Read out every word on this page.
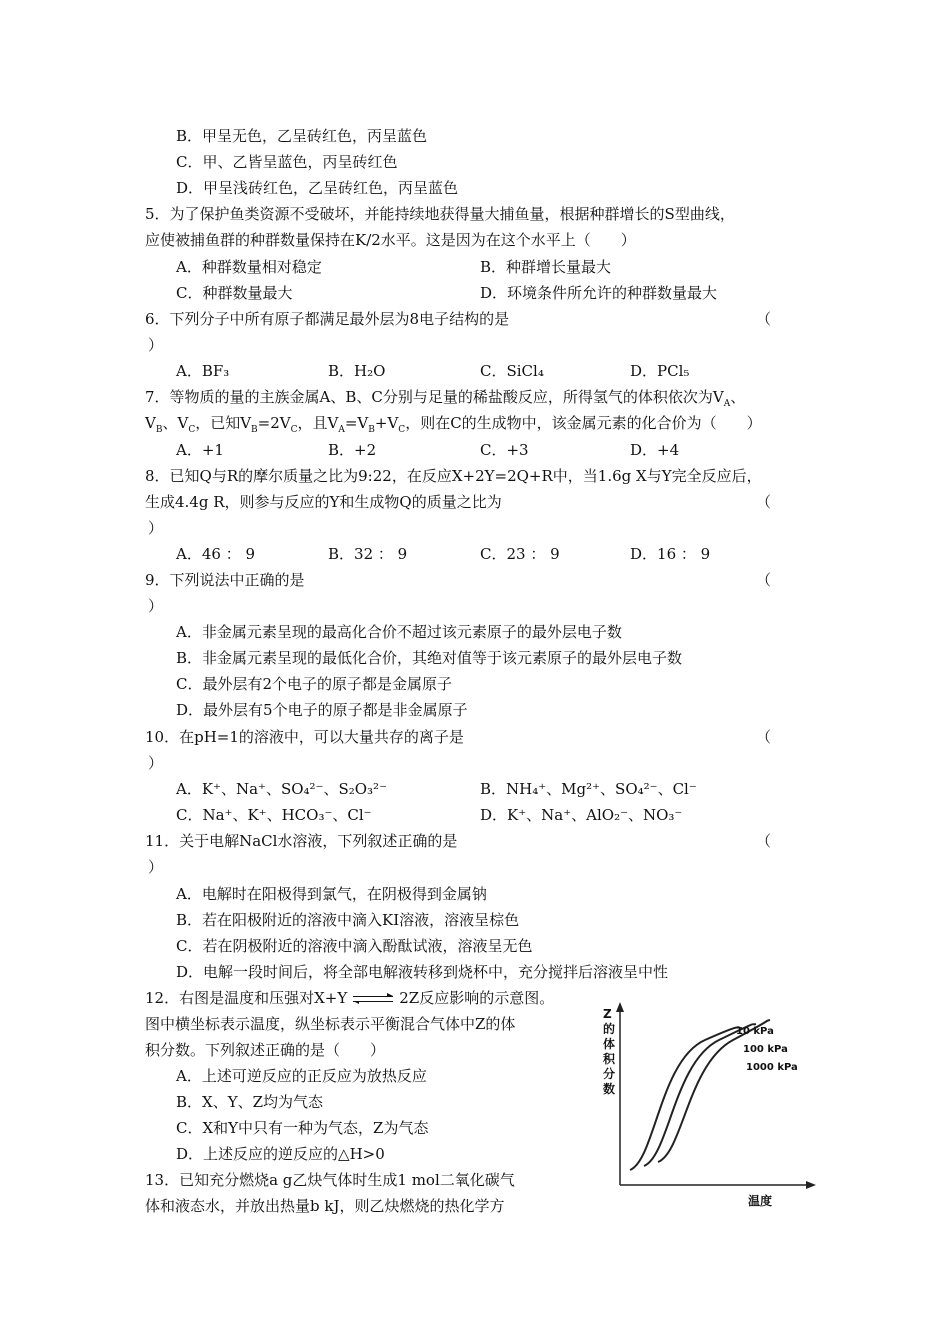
B．甲呈无色，乙呈砖红色，丙呈蓝色
C．甲、乙皆呈蓝色，丙呈砖红色
D．甲呈浅砖红色，乙呈砖红色，丙呈蓝色
5．为了保护鱼类资源不受破坏，并能持续地获得量大捕鱼量，根据种群增长的S型曲线，
应使被捕鱼群的种群数量保持在K/2水平。这是因为在这个水平上（　　）
A．种群数量相对稳定	B．种群增长量最大
C．种群数量最大	D．环境条件所允许的种群数量最大
6．下列分子中所有原子都满足最外层为8电子结构的是	（
）
A．BF₃	B．H₂O	C．SiCl₄	D．PCl₅
7．等物质的量的主族金属A、B、C分别与足量的稀盐酸反应，所得氢气的体积依次为$V_A$、
$V_B$、$V_C$，已知$V_B=2V_C$，且$V_A=V_B+V_C$，则在C的生成物中，该金属元素的化合价为（　　）
A．+1	B．+2	C．+3	D．+4
8．已知Q与R的摩尔质量之比为9:22，在反应X+2Y=2Q+R中，当1.6g X与Y完全反应后，
生成4.4g R，则参与反应的Y和生成物Q的质量之比为	（
）
A．46 ： 9	B．32 ： 9	C．23 ： 9	D．16 ： 9
9．下列说法中正确的是	（
）
A．非金属元素呈现的最高化合价不超过该元素原子的最外层电子数
B．非金属元素呈现的最低化合价，其绝对值等于该元素原子的最外层电子数
C．最外层有2个电子的原子都是金属原子
D．最外层有5个电子的原子都是非金属原子
10．在pH=1的溶液中，可以大量共存的离子是	（
）
A．K⁺、Na⁺、SO₄²⁻、S₂O₃²⁻	B．NH₄⁺、Mg²⁺、SO₄²⁻、Cl⁻
C．Na⁺、K⁺、HCO₃⁻、Cl⁻	D．K⁺、Na⁺、AlO₂⁻、NO₃⁻
11．关于电解NaCl水溶液，下列叙述正确的是	（
）
A．电解时在阳极得到氯气，在阴极得到金属钠
B．若在阳极附近的溶液中滴入KI溶液，溶液呈棕色
C．若在阴极附近的溶液中滴入酚酞试液，溶液呈无色
D．电解一段时间后，将全部电解液转移到烧杯中，充分搅拌后溶液呈中性
12．右图是温度和压强对X+Y ⇌ 2Z反应影响的示意图。
图中横坐标表示温度，纵坐标表示平衡混合气体中Z的体
积分数。下列叙述正确的是（　　）
A．上述可逆反应的正反应为放热反应
B．X、Y、Z均为气态
C．X和Y中只有一种为气态，Z为气态
D．上述反应的逆反应的△H>0
13．已知充分燃烧a g乙炔气体时生成1 mol二氧化碳气
体和液态水，并放出热量b kJ，则乙炔燃烧的热化学方
Z 的体积分数
温度
10 kPa
100 kPa
1000 kPa
